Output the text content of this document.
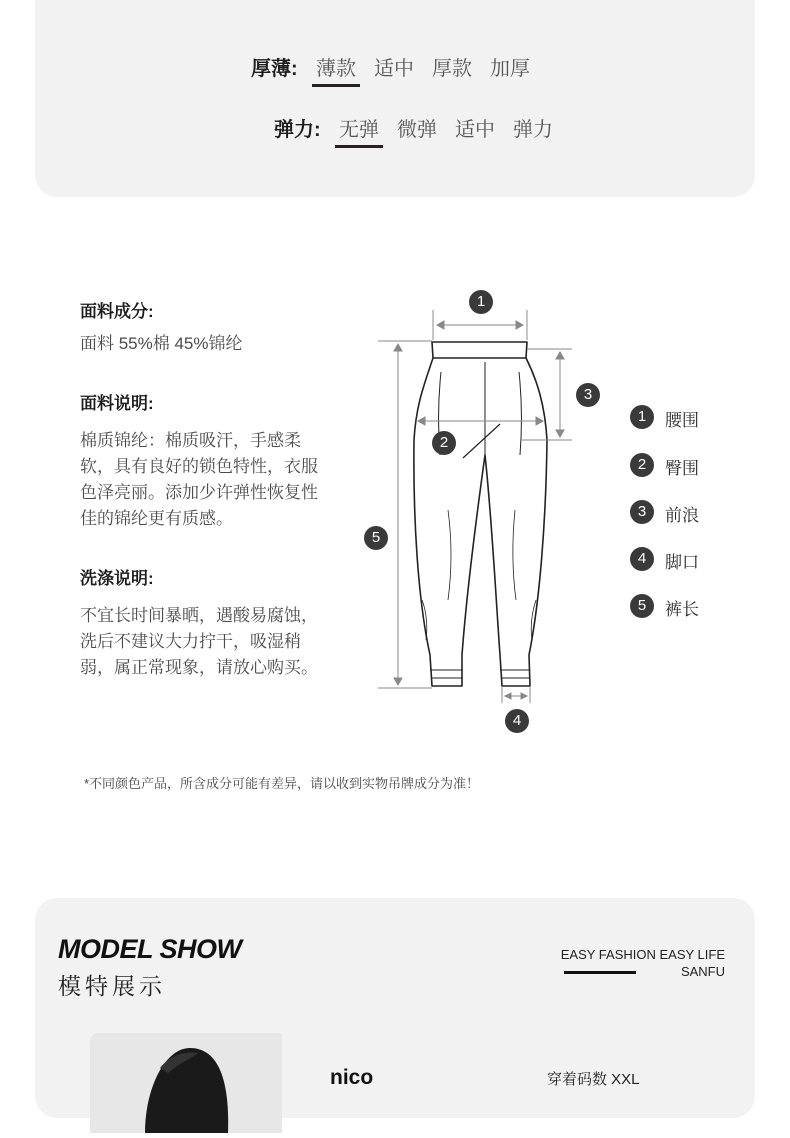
厚薄: 薄款 适中 厚款 加厚
弹力: 无弹 微弹 适中 弹力
面料成分:
面料 55%棉 45%锦纶
面料说明:
棉质锦纶：棉质吸汗，手感柔软，具有良好的锁色特性，衣服色泽亮丽。添加少许弹性恢复性佳的锦纶更有质感。
洗涤说明:
不宜长时间暴晒，遇酸易腐蚀，洗后不建议大力拧干，吸湿稍弱，属正常现象，请放心购买。
1
2
3
4
5
1	腰围
2	臀围
3	前浪
4	脚口
5	裤长
*不同颜色产品，所含成分可能有差异，请以收到实物吊牌成分为准！
MODEL SHOW
模特展示
EASY FASHION EASY LIFE
SANFU
nico	穿着码数 XXL
